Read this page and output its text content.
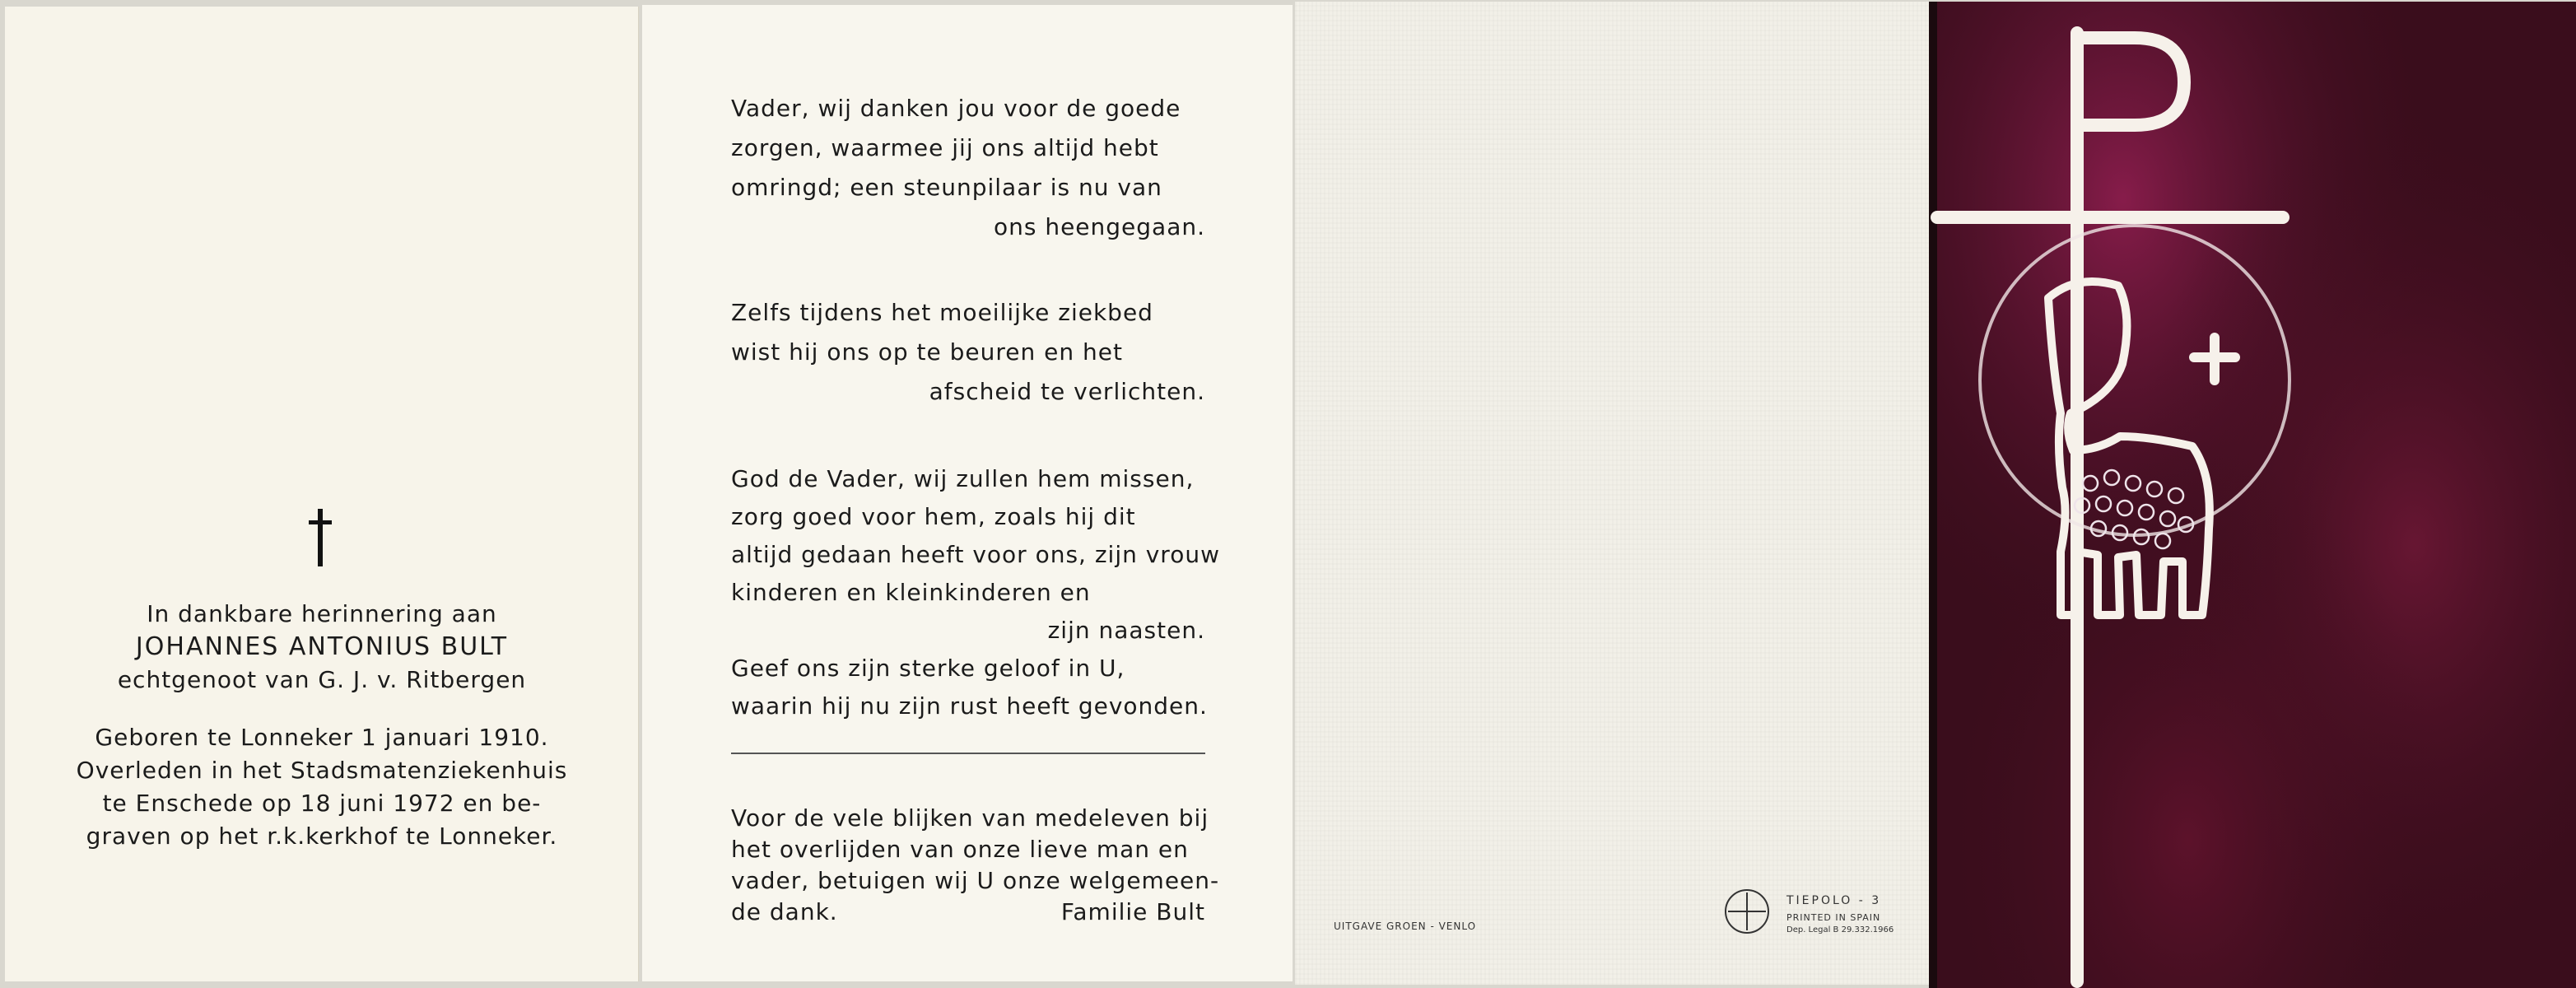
In dankbare herinnering aan
JOHANNES ANTONIUS BULT
echtgenoot van G. J. v. Ritbergen
Geboren te Lonneker 1 januari 1910.
Overleden in het Stadsmatenziekenhuis
te Enschede op 18 juni 1972 en be-
graven op het r.k.kerkhof te Lonneker.
Vader, wij danken jou voor de goede
zorgen, waarmee jij ons altijd hebt
omringd; een steunpilaar is nu van
ons heengegaan.
Zelfs tijdens het moeilijke ziekbed
wist hij ons op te beuren en het
afscheid te verlichten.
God de Vader, wij zullen hem missen,
zorg goed voor hem, zoals hij dit
altijd gedaan heeft voor ons, zijn vrouw
kinderen en kleinkinderen en
zijn naasten.
Geef ons zijn sterke geloof in U,
waarin hij nu zijn rust heeft gevonden.
Voor de vele blijken van medeleven bij
het overlijden van onze lieve man en
vader, betuigen wij U onze welgemeen-
de dank.	Familie Bult
UITGAVE GROEN - VENLO
TIEPOLO - 3
PRINTED IN SPAIN
Dep. Legal B 29.332.1966
